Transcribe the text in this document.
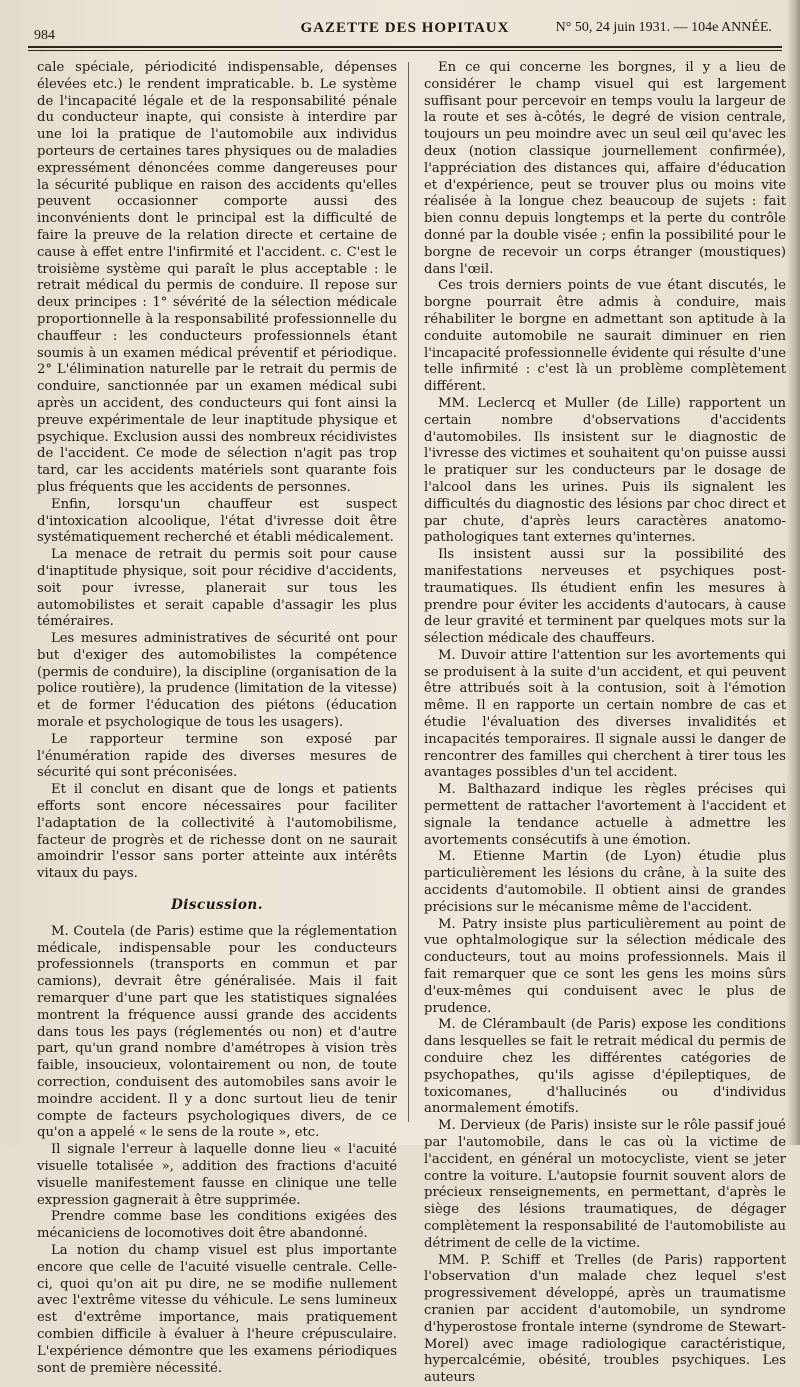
984	GAZETTE DES HOPITAUX	N° 50, 24 juin 1931. — 104e ANNÉE.

cale spéciale, périodicité indispensable, dépenses élevées etc.) le rendent impraticable. b. Le système de l'incapacité légale et de la responsabilité pénale du conducteur inapte, qui consiste à interdire par une loi la pratique de l'automobile aux individus porteurs de certaines tares physiques ou de maladies expressément dénoncées comme dangereuses pour la sécurité publique en raison des accidents qu'elles peuvent occasionner comporte aussi des inconvénients dont le principal est la difficulté de faire la preuve de la relation directe et certaine de cause à effet entre l'infirmité et l'accident. c. C'est le troisième système qui paraît le plus acceptable : le retrait médical du permis de conduire. Il repose sur deux principes : 1° sévérité de la sélection médicale proportionnelle à la responsabilité professionnelle du chauffeur : les conducteurs professionnels étant soumis à un examen médical préventif et périodique. 2° L'élimination naturelle par le retrait du permis de conduire, sanctionnée par un examen médical subi après un accident, des conducteurs qui font ainsi la preuve expérimentale de leur inaptitude physique et psychique. Exclusion aussi des nombreux récidivistes de l'accident. Ce mode de sélection n'agit pas trop tard, car les accidents matériels sont quarante fois plus fréquents que les accidents de personnes.

Enfin, lorsqu'un chauffeur est suspect d'intoxication alcoolique, l'état d'ivresse doit être systématiquement recherché et établi médicalement.

La menace de retrait du permis soit pour cause d'inaptitude physique, soit pour récidive d'accidents, soit pour ivresse, planerait sur tous les automobilistes et serait capable d'assagir les plus téméraires.

Les mesures administratives de sécurité ont pour but d'exiger des automobilistes la compétence (permis de conduire), la discipline (organisation de la police routière), la prudence (limitation de la vitesse) et de former l'éducation des piétons (éducation morale et psychologique de tous les usagers).

Le rapporteur termine son exposé par l'énumération rapide des diverses mesures de sécurité qui sont préconisées.

Et il conclut en disant que de longs et patients efforts sont encore nécessaires pour faciliter l'adaptation de la collectivité à l'automobilisme, facteur de progrès et de richesse dont on ne saurait amoindrir l'essor sans porter atteinte aux intérêts vitaux du pays.

Discussion.

M. Coutela (de Paris) estime que la réglementation médicale, indispensable pour les conducteurs professionnels (transports en commun et par camions), devrait être généralisée. Mais il fait remarquer d'une part que les statistiques signalées montrent la fréquence aussi grande des accidents dans tous les pays (réglementés ou non) et d'autre part, qu'un grand nombre d'amétropes à vision très faible, insoucieux, volontairement ou non, de toute correction, conduisent des automobiles sans avoir le moindre accident. Il y a donc surtout lieu de tenir compte de facteurs psychologiques divers, de ce qu'on a appelé « le sens de la route », etc.

Il signale l'erreur à laquelle donne lieu « l'acuité visuelle totalisée », addition des fractions d'acuité visuelle manifestement fausse en clinique une telle expression gagnerait à être supprimée.

Prendre comme base les conditions exigées des mécaniciens de locomotives doit être abandonné.

La notion du champ visuel est plus importante encore que celle de l'acuité visuelle centrale. Celle-ci, quoi qu'on ait pu dire, ne se modifie nullement avec l'extrême vitesse du véhicule. Le sens lumineux est d'extrême importance, mais pratiquement combien difficile à évaluer à l'heure crépusculaire. L'expérience démontre que les examens périodiques sont de première nécessité.

En ce qui concerne les borgnes, il y a lieu de considérer le champ visuel qui est largement suffisant pour percevoir en temps voulu la largeur de la route et ses à-côtés, le degré de vision centrale, toujours un peu moindre avec un seul œil qu'avec les deux (notion classique journellement confirmée), l'appréciation des distances qui, affaire d'éducation et d'expérience, peut se trouver plus ou moins vite réalisée à la longue chez beaucoup de sujets : fait bien connu depuis longtemps et la perte du contrôle donné par la double visée ; enfin la possibilité pour le borgne de recevoir un corps étranger (moustiques) dans l'œil.

Ces trois derniers points de vue étant discutés, le borgne pourrait être admis à conduire, mais réhabiliter le borgne en admettant son aptitude à la conduite automobile ne saurait diminuer en rien l'incapacité professionnelle évidente qui résulte d'une telle infirmité : c'est là un problème complètement différent.

MM. Leclercq et Muller (de Lille) rapportent un certain nombre d'observations d'accidents d'automobiles. Ils insistent sur le diagnostic de l'ivresse des victimes et souhaitent qu'on puisse aussi le pratiquer sur les conducteurs par le dosage de l'alcool dans les urines. Puis ils signalent les difficultés du diagnostic des lésions par choc direct et par chute, d'après leurs caractères anatomo-pathologiques tant externes qu'internes.

Ils insistent aussi sur la possibilité des manifestations nerveuses et psychiques post-traumatiques. Ils étudient enfin les mesures à prendre pour éviter les accidents d'autocars, à cause de leur gravité et terminent par quelques mots sur la sélection médicale des chauffeurs.

M. Duvoir attire l'attention sur les avortements qui se produisent à la suite d'un accident, et qui peuvent être attribués soit à la contusion, soit à l'émotion même. Il en rapporte un certain nombre de cas et étudie l'évaluation des diverses invalidités et incapacités temporaires. Il signale aussi le danger de rencontrer des familles qui cherchent à tirer tous les avantages possibles d'un tel accident.

M. Balthazard indique les règles précises qui permettent de rattacher l'avortement à l'accident et signale la tendance actuelle à admettre les avortements consécutifs à une émotion.

M. Etienne Martin (de Lyon) étudie plus particulièrement les lésions du crâne, à la suite des accidents d'automobile. Il obtient ainsi de grandes précisions sur le mécanisme même de l'accident.

M. Patry insiste plus particulièrement au point de vue ophtalmologique sur la sélection médicale des conducteurs, tout au moins professionnels. Mais il fait remarquer que ce sont les gens les moins sûrs d'eux-mêmes qui conduisent avec le plus de prudence.

M. de Clérambault (de Paris) expose les conditions dans lesquelles se fait le retrait médical du permis de conduire chez les différentes catégories de psychopathes, qu'ils agisse d'épileptiques, de toxicomanes, d'hallucinés ou d'individus anormalement émotifs.

M. Dervieux (de Paris) insiste sur le rôle passif joué par l'automobile, dans le cas où la victime de l'accident, en général un motocycliste, vient se jeter contre la voiture. L'autopsie fournit souvent alors de précieux renseignements, en permettant, d'après le siège des lésions traumatiques, de dégager complètement la responsabilité de l'automobiliste au détriment de celle de la victime.

MM. P. Schiff et Trelles (de Paris) rapportent l'observation d'un malade chez lequel s'est progressivement développé, après un traumatisme cranien par accident d'automobile, un syndrome d'hyperostose frontale interne (syndrome de Stewart-Morel) avec image radiologique caractéristique, hypercalcémie, obésité, troubles psychiques. Les auteurs
